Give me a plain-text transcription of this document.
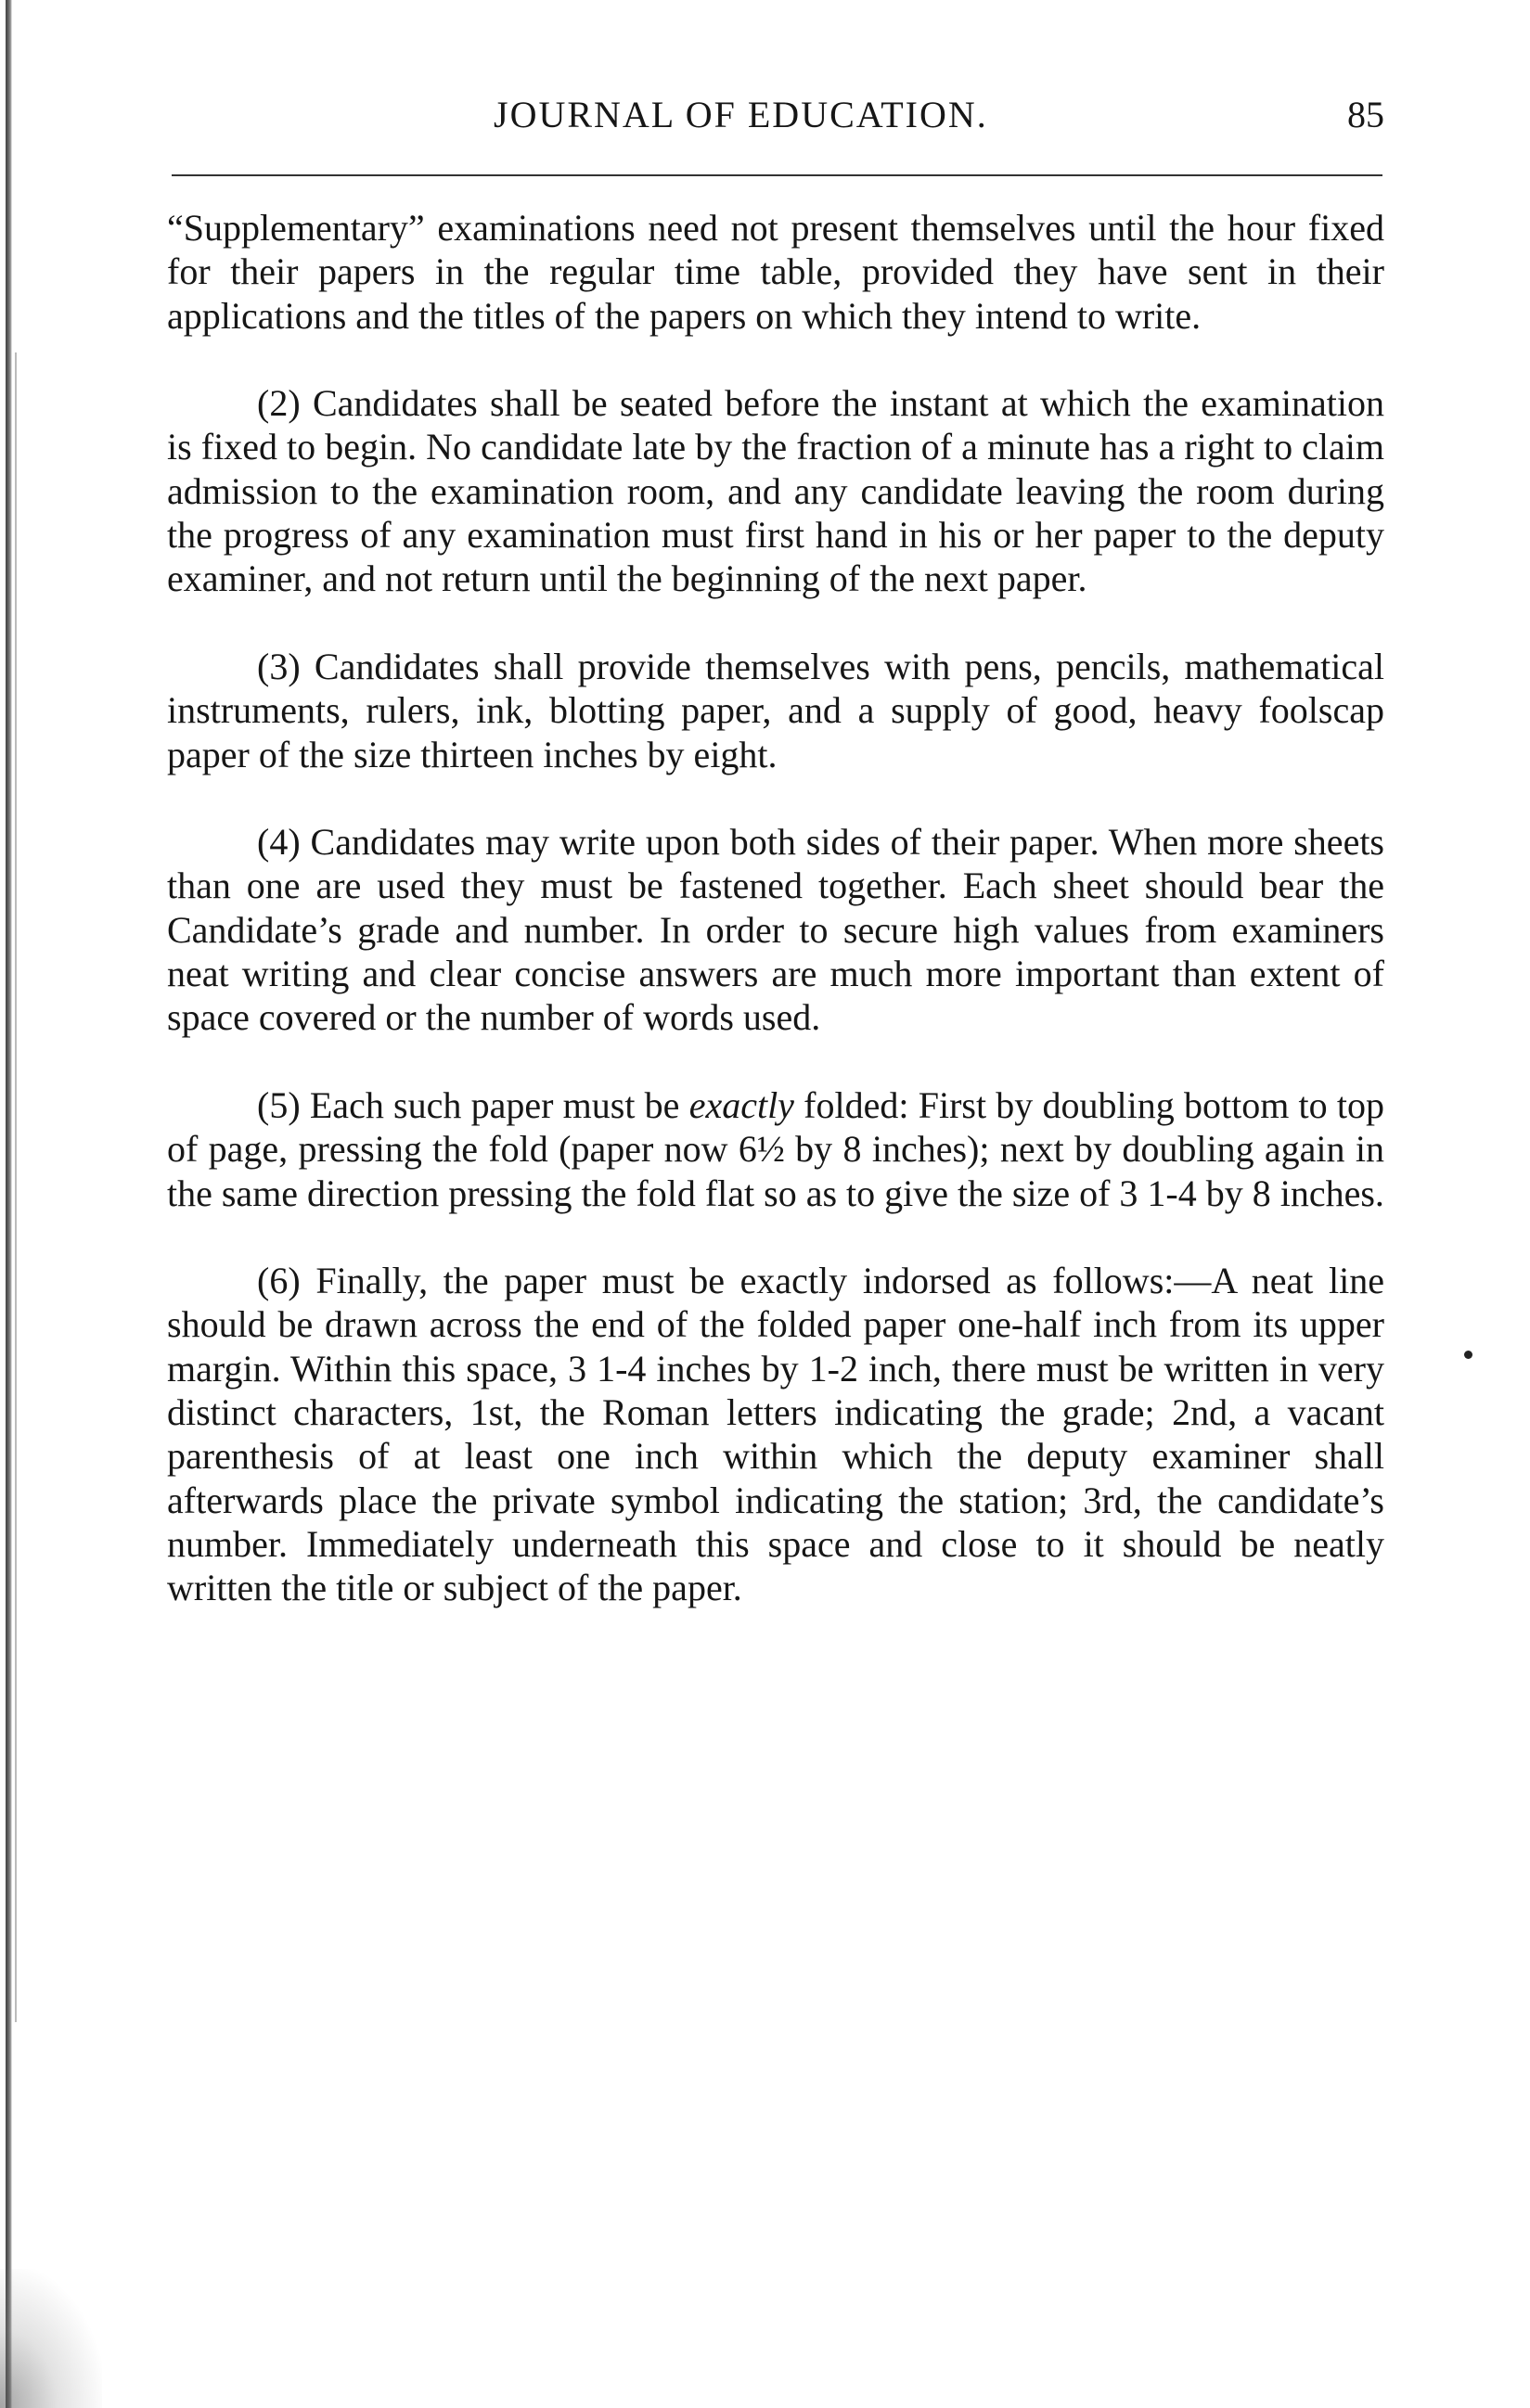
JOURNAL OF EDUCATION.	85

“Supplementary” examinations need not present themselves until the hour fixed for their papers in the regular time table, provided they have sent in their applications and the titles of the papers on which they intend to write.

(2) Candidates shall be seated before the instant at which the examination is fixed to begin. No candidate late by the fraction of a minute has a right to claim admission to the examination room, and any candidate leaving the room during the progress of any examination must first hand in his or her paper to the deputy examiner, and not return until the beginning of the next paper.

(3) Candidates shall provide themselves with pens, pencils, mathematical instruments, rulers, ink, blotting paper, and a supply of good, heavy foolscap paper of the size thirteen inches by eight.

(4) Candidates may write upon both sides of their paper. When more sheets than one are used they must be fastened together. Each sheet should bear the Candidate’s grade and number. In order to secure high values from examiners neat writing and clear concise answers are much more important than extent of space covered or the number of words used.

(5) Each such paper must be exactly folded: First by doubling bottom to top of page, pressing the fold (paper now 6½ by 8 inches); next by doubling again in the same direction pressing the fold flat so as to give the size of 3 1-4 by 8 inches.

(6) Finally, the paper must be exactly indorsed as follows:—A neat line should be drawn across the end of the folded paper one-half inch from its upper margin. Within this space, 3 1-4 inches by 1-2 inch, there must be written in very distinct characters, 1st, the Roman letters indicating the grade; 2nd, a vacant parenthesis of at least one inch within which the deputy examiner shall afterwards place the private symbol indicating the station; 3rd, the candidate’s number. Immediately underneath this space and close to it should be neatly written the title or subject of the paper.
